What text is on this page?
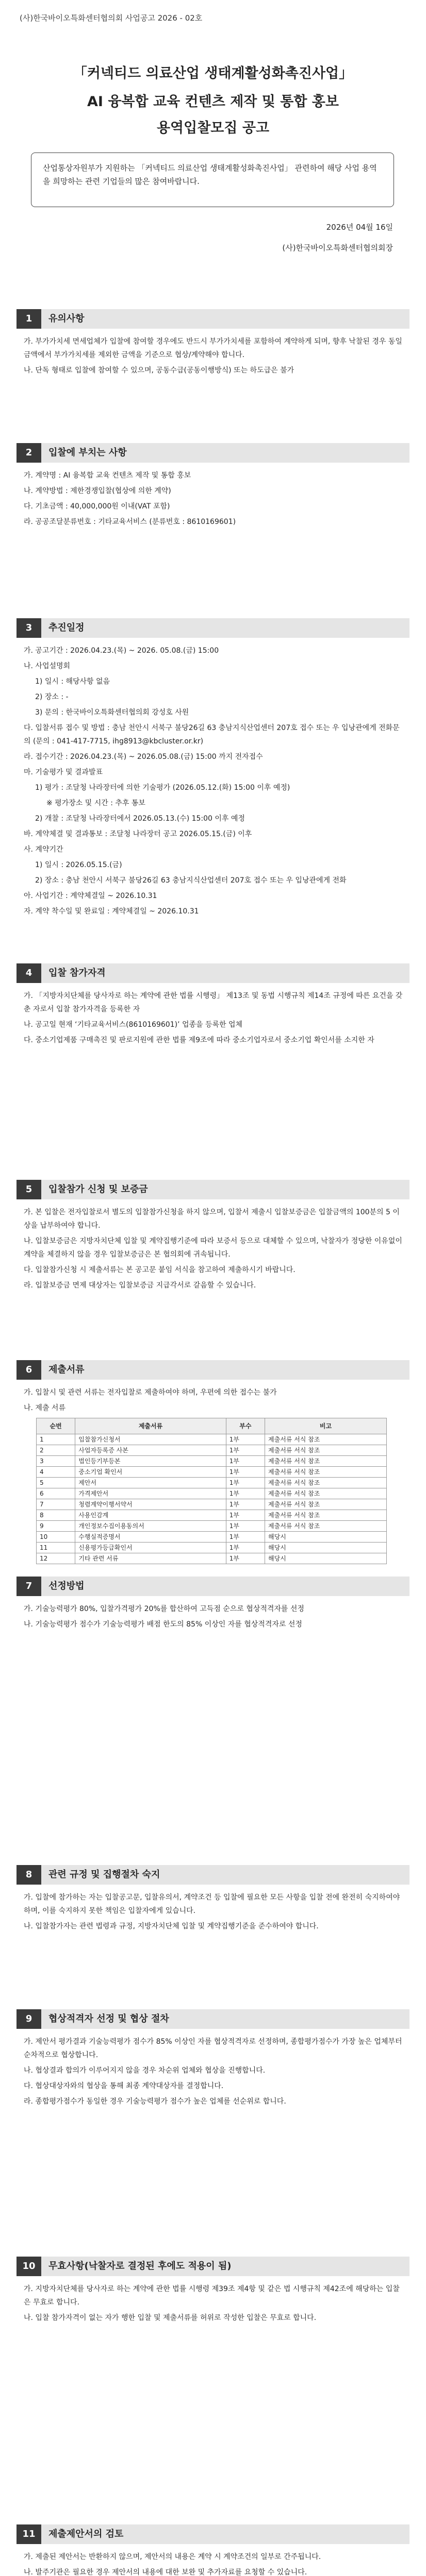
(사)한국바이오특화센터협의회 사업공고 2026 - 02호
「커넥티드 의료산업 생태계활성화촉진사업」
AI 융복합 교육 컨텐츠 제작 및 통합 홍보
용역입찰모집 공고
산업통상자원부가 지원하는 「커넥티드 의료산업 생태계활성화촉진사업」 관련하여 해당 사업 용역을 희망하는 관련 기업들의 많은 참여바랍니다.
2026년 04월 16일
(사)한국바이오특화센터협의회장
1	유의사항

가. 부가가치세 면세업체가 입찰에 참여할 경우에도 반드시 부가가치세를 포함하여 계약하게 되며, 향후 낙찰된 경우 동일금액에서 부가가치세를 제외한 금액을 기준으로 협상/계약해야 합니다.

나. 단독 형태로 입찰에 참여할 수 있으며, 공동수급(공동이행방식) 또는 하도급은 불가

2	입찰에 부치는 사항

가. 계약명 : AI 융복합 교육 컨텐츠 제작 및 통합 홍보

나. 계약방법 : 제한경쟁입찰(협상에 의한 계약)

다. 기초금액 : 40,000,000원 이내(VAT 포함)

라. 공공조달분류번호 : 기타교육서비스 (분류번호 : 8610169601)

3	추진일정

가. 공고기간 : 2026.04.23.(목) ~ 2026. 05.08.(금) 15:00

나. 사업설명회

1) 일시 : 해당사항 없음

2) 장소 : -

3) 문의 : 한국바이오특화센터협의회 강성호 사원

다. 입찰서류 접수 및 방법 : 충남 천안시 서북구 불당26길 63 충남지식산업센터 207호 접수 또는 우 입낭관에게 전화문의 (문의 : 041-417-7715, ihg8913@kbcluster.or.kr)

라. 접수기간 : 2026.04.23.(목) ~ 2026.05.08.(금) 15:00 까지 전자접수

마. 기술평가 및 결과발표

1) 평가 : 조달청 나라장터에 의한 기술평가 (2026.05.12.(화) 15:00 이후 예정)

※ 평가장소 및 시간 : 추후 통보

2) 개찰 : 조달청 나라장터에서 2026.05.13.(수) 15:00 이후 예정

바. 계약체결 및 결과통보 : 조달청 나라장터 공고 2026.05.15.(금) 이후

사. 계약기간

1) 일시 : 2026.05.15.(금)

2) 장소 : 충남 천안시 서북구 불당26길 63 충남지식산업센터 207호 접수 또는 우 입낭관에게 전화

아. 사업기간 : 계약체결일 ~ 2026.10.31

자. 계약 착수일 및 완료일 : 계약체결일 ~ 2026.10.31

4	입찰 참가자격

가. 「지방자치단체를 당사자로 하는 계약에 관한 법률 시행령」 제13조 및 동법 시행규칙 제14조 규정에 따른 요건을 갖춘 자로서 입찰 참가자격을 등록한 자

나. 공고일 현재 ‘기타교육서비스(8610169601)’ 업종을 등록한 업체

다. 중소기업제품 구매촉진 및 판로지원에 관한 법률 제9조에 따라 중소기업자로서 중소기업 확인서를 소지한 자

5	입찰참가 신청 및 보증금

가. 본 입찰은 전자입찰로서 별도의 입찰참가신청을 하지 않으며, 입찰서 제출시 입찰보증금은 입찰금액의 100분의 5 이상을 납부하여야 합니다.

나. 입찰보증금은 지방자치단체 입찰 및 계약집행기준에 따라 보증서 등으로 대체할 수 있으며, 낙찰자가 정당한 이유없이 계약을 체결하지 않을 경우 입찰보증금은 본 협의회에 귀속됩니다.

다. 입찰참가신청 시 제출서류는 본 공고문 붙임 서식을 참고하여 제출하시기 바랍니다.

라. 입찰보증금 면제 대상자는 입찰보증금 지급각서로 갈음할 수 있습니다.

6	제출서류

가. 입찰시 및 관련 서류는 전자입찰로 제출하여야 하며, 우편에 의한 접수는 불가

나. 제출 서류

순번	제출서류	부수	비고
1	입찰참가신청서	1부	제출서류 서식 참조
2	사업자등록증 사본	1부	제출서류 서식 참조
3	법인등기부등본	1부	제출서류 서식 참조
4	중소기업 확인서	1부	제출서류 서식 참조
5	제안서	1부	제출서류 서식 참조
6	가격제안서	1부	제출서류 서식 참조
7	청렴계약이행서약서	1부	제출서류 서식 참조
8	사용인감계	1부	제출서류 서식 참조
9	개인정보수집이용동의서	1부	제출서류 서식 참조
10	수행실적증명서	1부	해당시
11	신용평가등급확인서	1부	해당시
12	기타 관련 서류	1부	해당시
7	선정방법

가. 기술능력평가 80%, 입찰가격평가 20%를 합산하여 고득점 순으로 협상적격자를 선정

나. 기술능력평가 점수가 기술능력평가 배점 한도의 85% 이상인 자를 협상적격자로 선정

8	관련 규정 및 집행절차 숙지

가. 입찰에 참가하는 자는 입찰공고문, 입찰유의서, 계약조건 등 입찰에 필요한 모든 사항을 입찰 전에 완전히 숙지하여야 하며, 이를 숙지하지 못한 책임은 입찰자에게 있습니다.

나. 입찰참가자는 관련 법령과 규정, 지방자치단체 입찰 및 계약집행기준을 준수하여야 합니다.

9	협상적격자 선정 및 협상 절차

가. 제안서 평가결과 기술능력평가 점수가 85% 이상인 자를 협상적격자로 선정하며, 종합평가점수가 가장 높은 업체부터 순차적으로 협상합니다.

나. 협상결과 합의가 이루어지지 않을 경우 차순위 업체와 협상을 진행합니다.

다. 협상대상자와의 협상을 통해 최종 계약대상자를 결정합니다.

라. 종합평가점수가 동일한 경우 기술능력평가 점수가 높은 업체를 선순위로 합니다.

10	무효사항(낙찰자로 결정된 후에도 적용이 됨)

가. 지방자치단체를 당사자로 하는 계약에 관한 법률 시행령 제39조 제4항 및 같은 법 시행규칙 제42조에 해당하는 입찰은 무효로 합니다.

나. 입찰 참가자격이 없는 자가 행한 입찰 및 제출서류를 허위로 작성한 입찰은 무효로 합니다.

11	제출제안서의 검토

가. 제출된 제안서는 반환하지 않으며, 제안서의 내용은 계약 시 계약조건의 일부로 간주됩니다.

나. 발주기관은 필요한 경우 제안서의 내용에 대한 보완 및 추가자료를 요청할 수 있습니다.
